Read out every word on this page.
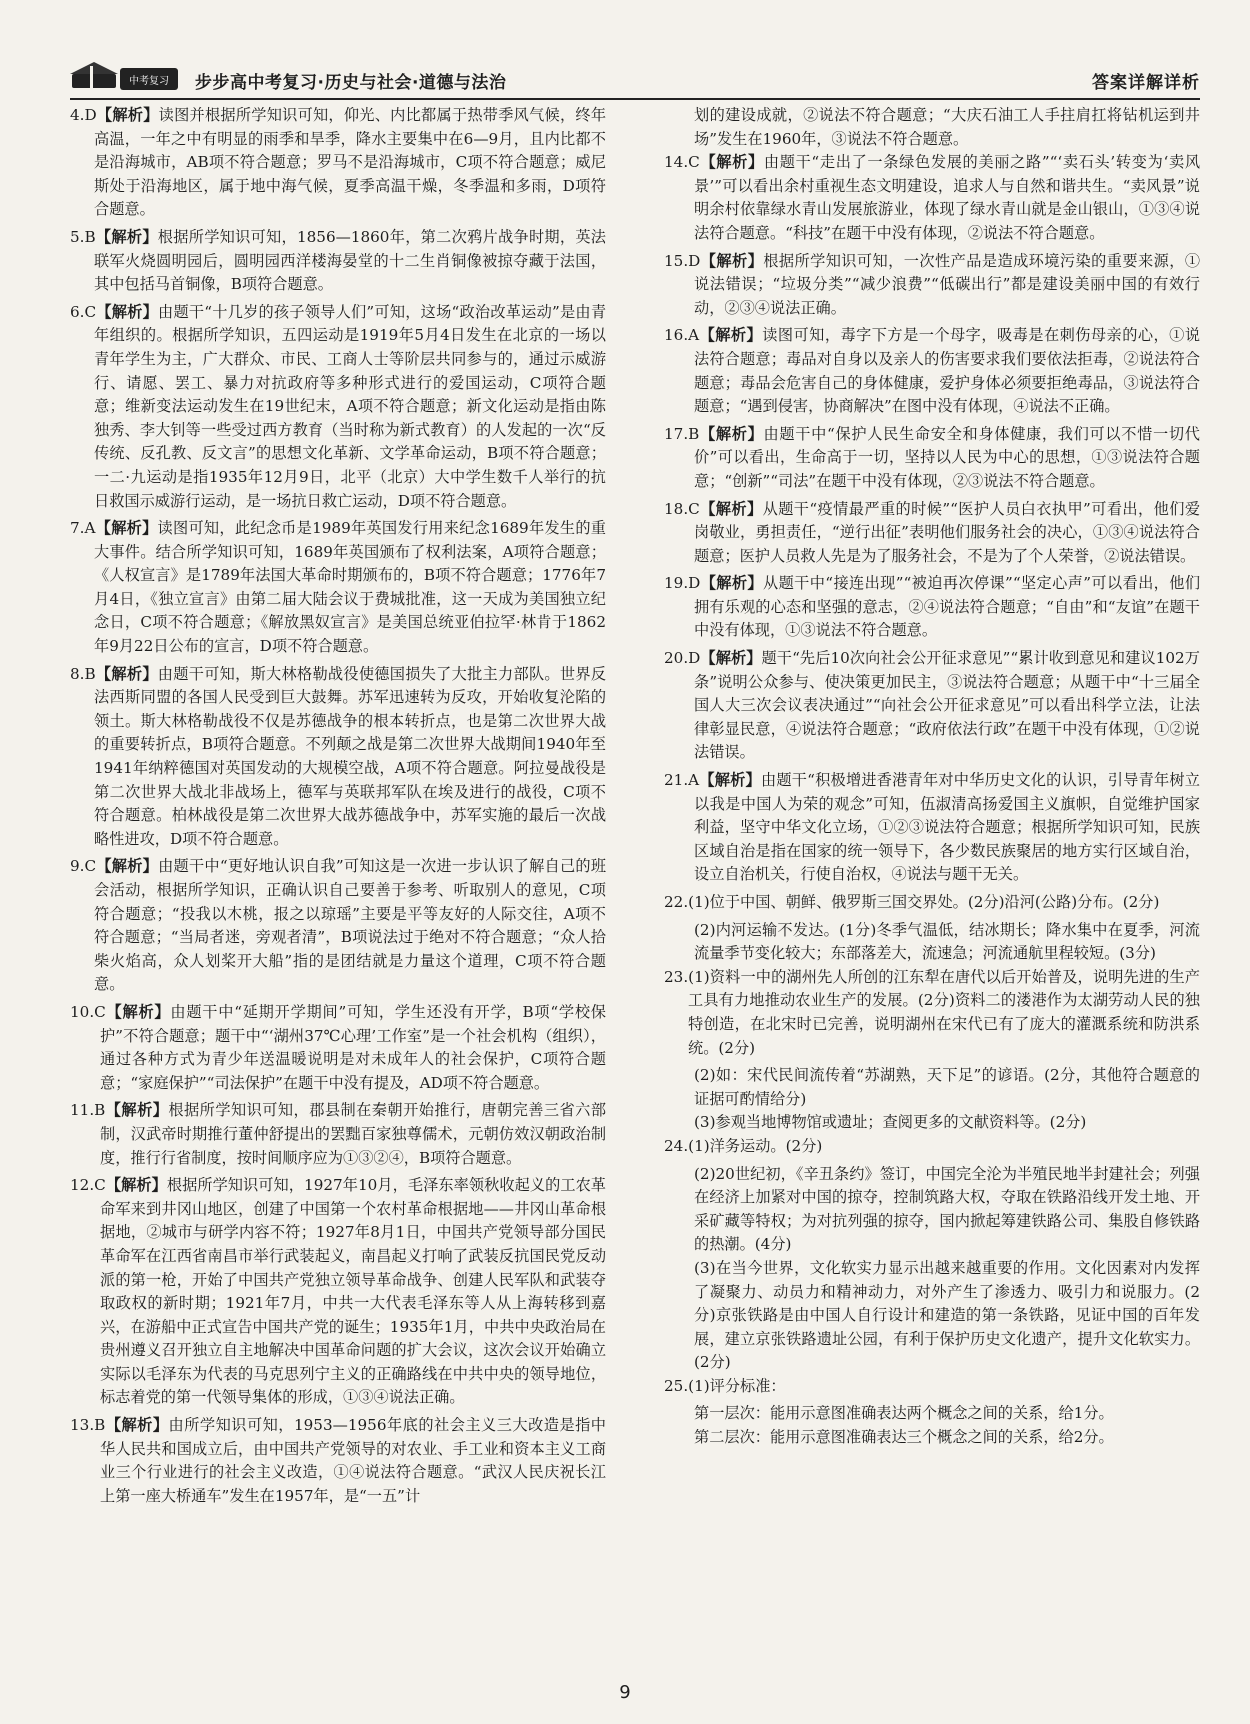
中考复习 步步高中考复习·历史与社会·道德与法治	答案详解详析

4.D【解析】读图并根据所学知识可知，仰光、内比都属于热带季风气候，终年高温，一年之中有明显的雨季和旱季，降水主要集中在6—9月，且内比都不是沿海城市，AB项不符合题意；罗马不是沿海城市，C项不符合题意；威尼斯处于沿海地区，属于地中海气候，夏季高温干燥，冬季温和多雨，D项符合题意。

5.B【解析】根据所学知识可知，1856—1860年，第二次鸦片战争时期，英法联军火烧圆明园后，圆明园西洋楼海晏堂的十二生肖铜像被掠夺藏于法国，其中包括马首铜像，B项符合题意。

6.C【解析】由题干“十几岁的孩子领导人们”可知，这场“政治改革运动”是由青年组织的。根据所学知识，五四运动是1919年5月4日发生在北京的一场以青年学生为主，广大群众、市民、工商人士等阶层共同参与的，通过示威游行、请愿、罢工、暴力对抗政府等多种形式进行的爱国运动，C项符合题意；维新变法运动发生在19世纪末，A项不符合题意；新文化运动是指由陈独秀、李大钊等一些受过西方教育（当时称为新式教育）的人发起的一次“反传统、反孔教、反文言”的思想文化革新、文学革命运动，B项不符合题意；一二·九运动是指1935年12月9日，北平（北京）大中学生数千人举行的抗日救国示威游行运动，是一场抗日救亡运动，D项不符合题意。

7.A【解析】读图可知，此纪念币是1989年英国发行用来纪念1689年发生的重大事件。结合所学知识可知，1689年英国颁布了权利法案，A项符合题意；《人权宣言》是1789年法国大革命时期颁布的，B项不符合题意；1776年7月4日，《独立宣言》由第二届大陆会议于费城批准，这一天成为美国独立纪念日，C项不符合题意；《解放黑奴宣言》是美国总统亚伯拉罕·林肯于1862年9月22日公布的宣言，D项不符合题意。

8.B【解析】由题干可知，斯大林格勒战役使德国损失了大批主力部队。世界反法西斯同盟的各国人民受到巨大鼓舞。苏军迅速转为反攻，开始收复沦陷的领土。斯大林格勒战役不仅是苏德战争的根本转折点，也是第二次世界大战的重要转折点，B项符合题意。不列颠之战是第二次世界大战期间1940年至1941年纳粹德国对英国发动的大规模空战，A项不符合题意。阿拉曼战役是第二次世界大战北非战场上，德军与英联邦军队在埃及进行的战役，C项不符合题意。柏林战役是第二次世界大战苏德战争中，苏军实施的最后一次战略性进攻，D项不符合题意。

9.C【解析】由题干中“更好地认识自我”可知这是一次进一步认识了解自己的班会活动，根据所学知识，正确认识自己要善于参考、听取别人的意见，C项符合题意；“投我以木桃，报之以琼瑶”主要是平等友好的人际交往，A项不符合题意；“当局者迷，旁观者清”，B项说法过于绝对不符合题意；“众人拾柴火焰高，众人划桨开大船”指的是团结就是力量这个道理，C项不符合题意。

10.C【解析】由题干中“延期开学期间”可知，学生还没有开学，B项“学校保护”不符合题意；题干中“‘湖州37℃心理’工作室”是一个社会机构（组织），通过各种方式为青少年送温暖说明是对未成年人的社会保护，C项符合题意；“家庭保护”“司法保护”在题干中没有提及，AD项不符合题意。

11.B【解析】根据所学知识可知，郡县制在秦朝开始推行，唐朝完善三省六部制，汉武帝时期推行董仲舒提出的罢黜百家独尊儒术，元朝仿效汉朝政治制度，推行行省制度，按时间顺序应为①③②④，B项符合题意。

12.C【解析】根据所学知识可知，1927年10月，毛泽东率领秋收起义的工农革命军来到井冈山地区，创建了中国第一个农村革命根据地——井冈山革命根据地，②城市与研学内容不符；1927年8月1日，中国共产党领导部分国民革命军在江西省南昌市举行武装起义，南昌起义打响了武装反抗国民党反动派的第一枪，开始了中国共产党独立领导革命战争、创建人民军队和武装夺取政权的新时期；1921年7月，中共一大代表毛泽东等人从上海转移到嘉兴，在游船中正式宣告中国共产党的诞生；1935年1月，中共中央政治局在贵州遵义召开独立自主地解决中国革命问题的扩大会议，这次会议开始确立实际以毛泽东为代表的马克思列宁主义的正确路线在中共中央的领导地位，标志着党的第一代领导集体的形成，①③④说法正确。

13.B【解析】由所学知识可知，1953—1956年底的社会主义三大改造是指中华人民共和国成立后，由中国共产党领导的对农业、手工业和资本主义工商业三个行业进行的社会主义改造，①④说法符合题意。“武汉人民庆祝长江上第一座大桥通车”发生在1957年，是“一五”计

划的建设成就，②说法不符合题意；“大庆石油工人手拄肩扛将钻机运到井场”发生在1960年，③说法不符合题意。

14.C【解析】由题干“走出了一条绿色发展的美丽之路”“‘卖石头’转变为‘卖风景’”可以看出余村重视生态文明建设，追求人与自然和谐共生。“卖风景”说明余村依靠绿水青山发展旅游业，体现了绿水青山就是金山银山，①③④说法符合题意。“科技”在题干中没有体现，②说法不符合题意。

15.D【解析】根据所学知识可知，一次性产品是造成环境污染的重要来源，①说法错误；“垃圾分类”“减少浪费”“低碳出行”都是建设美丽中国的有效行动，②③④说法正确。

16.A【解析】读图可知，毒字下方是一个母字，吸毒是在刺伤母亲的心，①说法符合题意；毒品对自身以及亲人的伤害要求我们要依法拒毒，②说法符合题意；毒品会危害自己的身体健康，爱护身体必须要拒绝毒品，③说法符合题意；“遇到侵害，协商解决”在图中没有体现，④说法不正确。

17.B【解析】由题干中“保护人民生命安全和身体健康，我们可以不惜一切代价”可以看出，生命高于一切，坚持以人民为中心的思想，①③说法符合题意；“创新”“司法”在题干中没有体现，②③说法不符合题意。

18.C【解析】从题干“疫情最严重的时候”“医护人员白衣执甲”可看出，他们爱岗敬业，勇担责任，“逆行出征”表明他们服务社会的决心，①③④说法符合题意；医护人员救人先是为了服务社会，不是为了个人荣誉，②说法错误。

19.D【解析】从题干中“接连出现”“被迫再次停课”“坚定心声”可以看出，他们拥有乐观的心态和坚强的意志，②④说法符合题意；“自由”和“友谊”在题干中没有体现，①③说法不符合题意。

20.D【解析】题干“先后10次向社会公开征求意见”“累计收到意见和建议102万条”说明公众参与、使决策更加民主，③说法符合题意；从题干中“十三届全国人大三次会议表决通过”“向社会公开征求意见”可以看出科学立法，让法律彰显民意，④说法符合题意；“政府依法行政”在题干中没有体现，①②说法错误。

21.A【解析】由题干“积极增进香港青年对中华历史文化的认识，引导青年树立以我是中国人为荣的观念”可知，伍淑清高扬爱国主义旗帜，自觉维护国家利益，坚守中华文化立场，①②③说法符合题意；根据所学知识可知，民族区域自治是指在国家的统一领导下，各少数民族聚居的地方实行区域自治，设立自治机关，行使自治权，④说法与题干无关。

22.(1)位于中国、朝鲜、俄罗斯三国交界处。(2分)沿河(公路)分布。(2分)

(2)内河运输不发达。(1分)冬季气温低，结冰期长；降水集中在夏季，河流流量季节变化较大；东部落差大，流速急；河流通航里程较短。(3分)

23.(1)资料一中的湖州先人所创的江东犁在唐代以后开始普及，说明先进的生产工具有力地推动农业生产的发展。(2分)资料二的溇港作为太湖劳动人民的独特创造，在北宋时已完善，说明湖州在宋代已有了庞大的灌溉系统和防洪系统。(2分)

(2)如：宋代民间流传着“苏湖熟，天下足”的谚语。(2分，其他符合题意的证据可酌情给分)

(3)参观当地博物馆或遗址；查阅更多的文献资料等。(2分)

24.(1)洋务运动。(2分)

(2)20世纪初，《辛丑条约》签订，中国完全沦为半殖民地半封建社会；列强在经济上加紧对中国的掠夺，控制筑路大权，夺取在铁路沿线开发土地、开采矿藏等特权；为对抗列强的掠夺，国内掀起筹建铁路公司、集股自修铁路的热潮。(4分)

(3)在当今世界，文化软实力显示出越来越重要的作用。文化因素对内发挥了凝聚力、动员力和精神动力，对外产生了渗透力、吸引力和说服力。(2分)京张铁路是由中国人自行设计和建造的第一条铁路，见证中国的百年发展，建立京张铁路遗址公园，有利于保护历史文化遗产，提升文化软实力。(2分)

25.(1)评分标准：

第一层次：能用示意图准确表达两个概念之间的关系，给1分。

第二层次：能用示意图准确表达三个概念之间的关系，给2分。

9
